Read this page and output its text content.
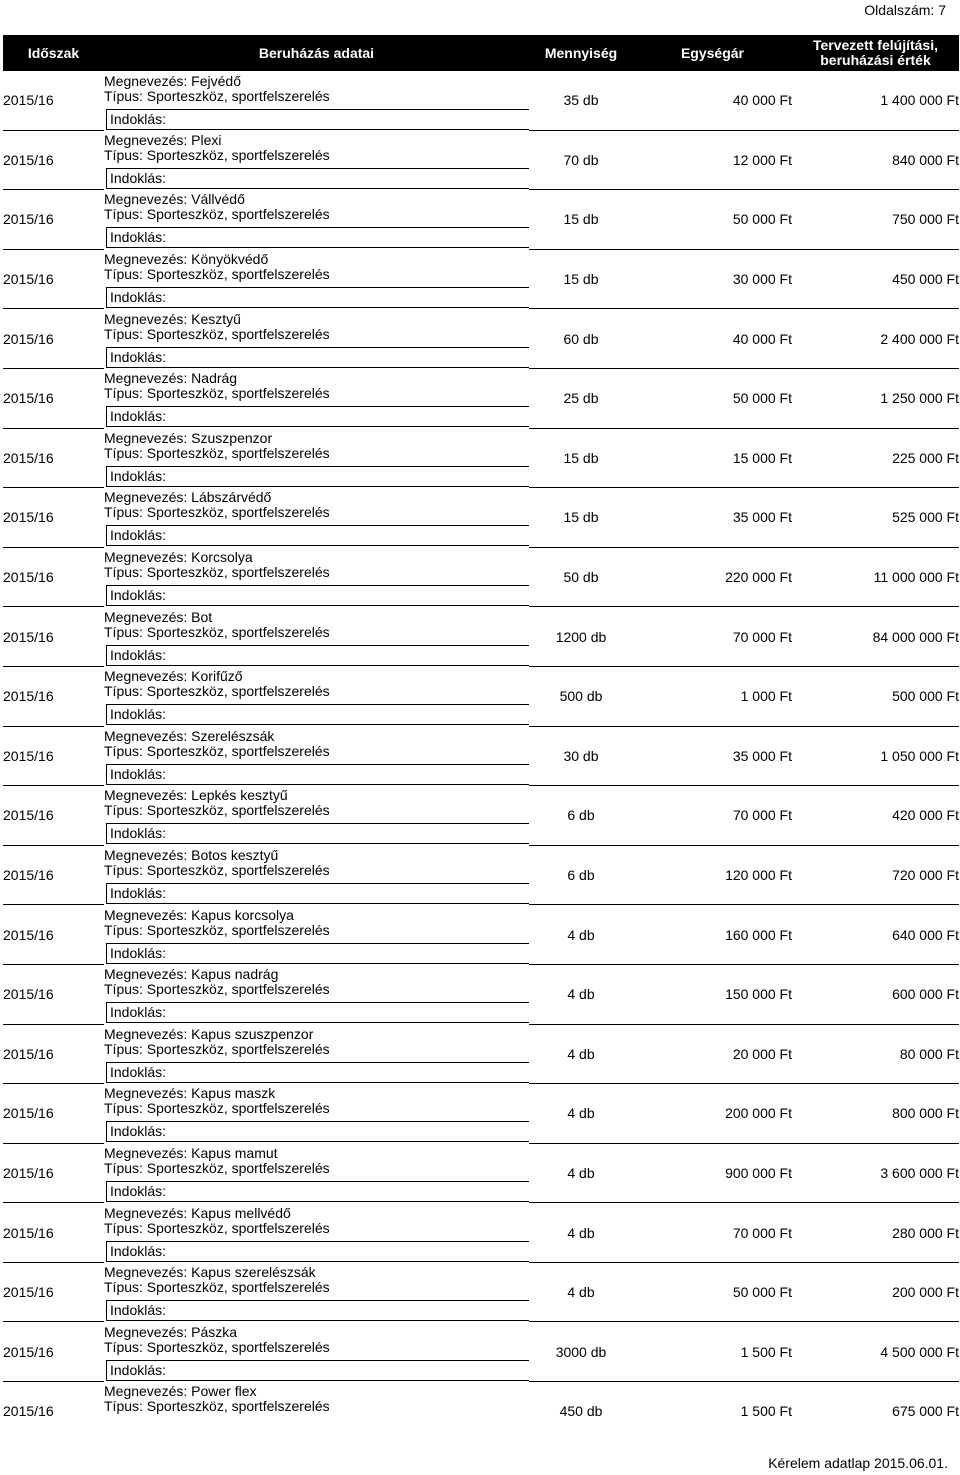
Oldalszám: 7
Időszak	Beruházás adatai	Mennyiség	Egységár	Tervezett felújítási,
beruházási érték
2015/16	Megnevezés: Fejvédő
Típus: Sporteszköz, sportfelszerelés
Indoklás:	35 db	40 000 Ft	1 400 000 Ft
2015/16	Megnevezés: Plexi
Típus: Sporteszköz, sportfelszerelés
Indoklás:	70 db	12 000 Ft	840 000 Ft
2015/16	Megnevezés: Vállvédő
Típus: Sporteszköz, sportfelszerelés
Indoklás:	15 db	50 000 Ft	750 000 Ft
2015/16	Megnevezés: Könyökvédő
Típus: Sporteszköz, sportfelszerelés
Indoklás:	15 db	30 000 Ft	450 000 Ft
2015/16	Megnevezés: Kesztyű
Típus: Sporteszköz, sportfelszerelés
Indoklás:	60 db	40 000 Ft	2 400 000 Ft
2015/16	Megnevezés: Nadrág
Típus: Sporteszköz, sportfelszerelés
Indoklás:	25 db	50 000 Ft	1 250 000 Ft
2015/16	Megnevezés: Szuszpenzor
Típus: Sporteszköz, sportfelszerelés
Indoklás:	15 db	15 000 Ft	225 000 Ft
2015/16	Megnevezés: Lábszárvédő
Típus: Sporteszköz, sportfelszerelés
Indoklás:	15 db	35 000 Ft	525 000 Ft
2015/16	Megnevezés: Korcsolya
Típus: Sporteszköz, sportfelszerelés
Indoklás:	50 db	220 000 Ft	11 000 000 Ft
2015/16	Megnevezés: Bot
Típus: Sporteszköz, sportfelszerelés
Indoklás:	1200 db	70 000 Ft	84 000 000 Ft
2015/16	Megnevezés: Korifűző
Típus: Sporteszköz, sportfelszerelés
Indoklás:	500 db	1 000 Ft	500 000 Ft
2015/16	Megnevezés: Szerelészsák
Típus: Sporteszköz, sportfelszerelés
Indoklás:	30 db	35 000 Ft	1 050 000 Ft
2015/16	Megnevezés: Lepkés kesztyű
Típus: Sporteszköz, sportfelszerelés
Indoklás:	6 db	70 000 Ft	420 000 Ft
2015/16	Megnevezés: Botos kesztyű
Típus: Sporteszköz, sportfelszerelés
Indoklás:	6 db	120 000 Ft	720 000 Ft
2015/16	Megnevezés: Kapus korcsolya
Típus: Sporteszköz, sportfelszerelés
Indoklás:	4 db	160 000 Ft	640 000 Ft
2015/16	Megnevezés: Kapus nadrág
Típus: Sporteszköz, sportfelszerelés
Indoklás:	4 db	150 000 Ft	600 000 Ft
2015/16	Megnevezés: Kapus szuszpenzor
Típus: Sporteszköz, sportfelszerelés
Indoklás:	4 db	20 000 Ft	80 000 Ft
2015/16	Megnevezés: Kapus maszk
Típus: Sporteszköz, sportfelszerelés
Indoklás:	4 db	200 000 Ft	800 000 Ft
2015/16	Megnevezés: Kapus mamut
Típus: Sporteszköz, sportfelszerelés
Indoklás:	4 db	900 000 Ft	3 600 000 Ft
2015/16	Megnevezés: Kapus mellvédő
Típus: Sporteszköz, sportfelszerelés
Indoklás:	4 db	70 000 Ft	280 000 Ft
2015/16	Megnevezés: Kapus szerelészsák
Típus: Sporteszköz, sportfelszerelés
Indoklás:	4 db	50 000 Ft	200 000 Ft
2015/16	Megnevezés: Pászka
Típus: Sporteszköz, sportfelszerelés
Indoklás:	3000 db	1 500 Ft	4 500 000 Ft
2015/16	Megnevezés: Power flex
Típus: Sporteszköz, sportfelszerelés	450 db	1 500 Ft	675 000 Ft
Kérelem adatlap 2015.06.01.
